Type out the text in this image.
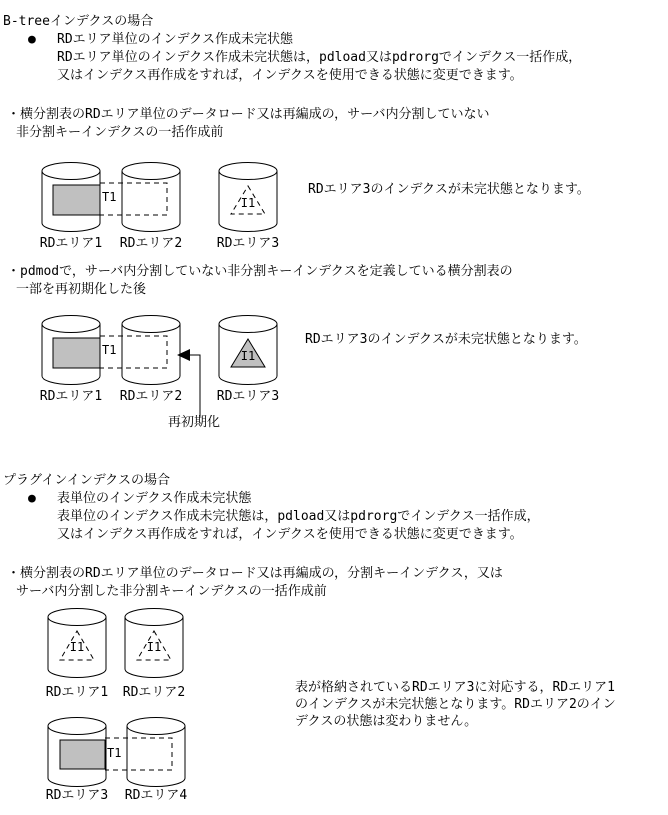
B-treeインデクスの場合
● RDエリア単位のインデクス作成未完状態
RDエリア単位のインデクス作成未完状態は，pdload又はpdrorgでインデクス一括作成，
又はインデクス再作成をすれば，インデクスを使用できる状態に変更できます。
・横分割表のRDエリア単位のデータロード又は再編成の，サーバ内分割していない
非分割キーインデクスの一括作成前
T1	I1
RDエリア1 RDエリア2	RDエリア3
RDエリア3のインデクスが未完状態となります。
・pdmodで，サーバ内分割していない非分割キーインデクスを定義している横分割表の
一部を再初期化した後
T1	I1
RDエリア1 RDエリア2	RDエリア3
再初期化
RDエリア3のインデクスが未完状態となります。
プラグインインデクスの場合
● 表単位のインデクス作成未完状態
表単位のインデクス作成未完状態は，pdload又はpdrorgでインデクス一括作成，
又はインデクス再作成をすれば，インデクスを使用できる状態に変更できます。
・横分割表のRDエリア単位のデータロード又は再編成の，分割キーインデクス，又は
サーバ内分割した非分割キーインデクスの一括作成前
I1	I1
RDエリア1 RDエリア2
T1
RDエリア3 RDエリア4
表が格納されているRDエリア3に対応する，RDエリア1
のインデクスが未完状態となります。RDエリア2のイン
デクスの状態は変わりません。
